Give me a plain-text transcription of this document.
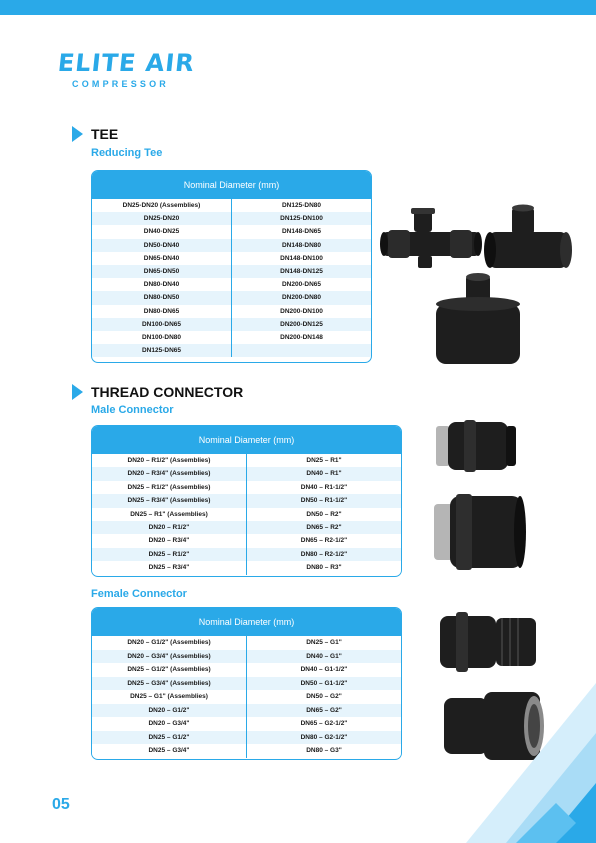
ELITE AIR
COMPRESSOR
TEE
Reducing Tee
Nominal Diameter (mm)
DN25-DN20 (Assemblies)
DN25-DN20
DN40-DN25
DN50-DN40
DN65-DN40
DN65-DN50
DN80-DN40
DN80-DN50
DN80-DN65
DN100-DN65
DN100-DN80
DN125-DN65
DN125-DN80
DN125-DN100
DN148-DN65
DN148-DN80
DN148-DN100
DN148-DN125
DN200-DN65
DN200-DN80
DN200-DN100
DN200-DN125
DN200-DN148
THREAD CONNECTOR
Male Connector
Nominal Diameter (mm)
DN20 – R1/2" (Assemblies)
DN20 – R3/4" (Assemblies)
DN25 – R1/2" (Assemblies)
DN25 – R3/4" (Assemblies)
DN25 – R1" (Assemblies)
DN20 – R1/2"
DN20 – R3/4"
DN25 – R1/2"
DN25 – R3/4"
DN25 – R1"
DN40 – R1"
DN40 – R1-1/2"
DN50 – R1-1/2"
DN50 – R2"
DN65 – R2"
DN65 – R2-1/2"
DN80 – R2-1/2"
DN80 – R3"
Female Connector
Nominal Diameter (mm)
DN20 – G1/2" (Assemblies)
DN20 – G3/4" (Assemblies)
DN25 – G1/2" (Assemblies)
DN25 – G3/4" (Assemblies)
DN25 – G1" (Assemblies)
DN20 – G1/2"
DN20 – G3/4"
DN25 – G1/2"
DN25 – G3/4"
DN25 – G1"
DN40 – G1"
DN40 – G1-1/2"
DN50 – G1-1/2"
DN50 – G2"
DN65 – G2"
DN65 – G2-1/2"
DN80 – G2-1/2"
DN80 – G3"
05
